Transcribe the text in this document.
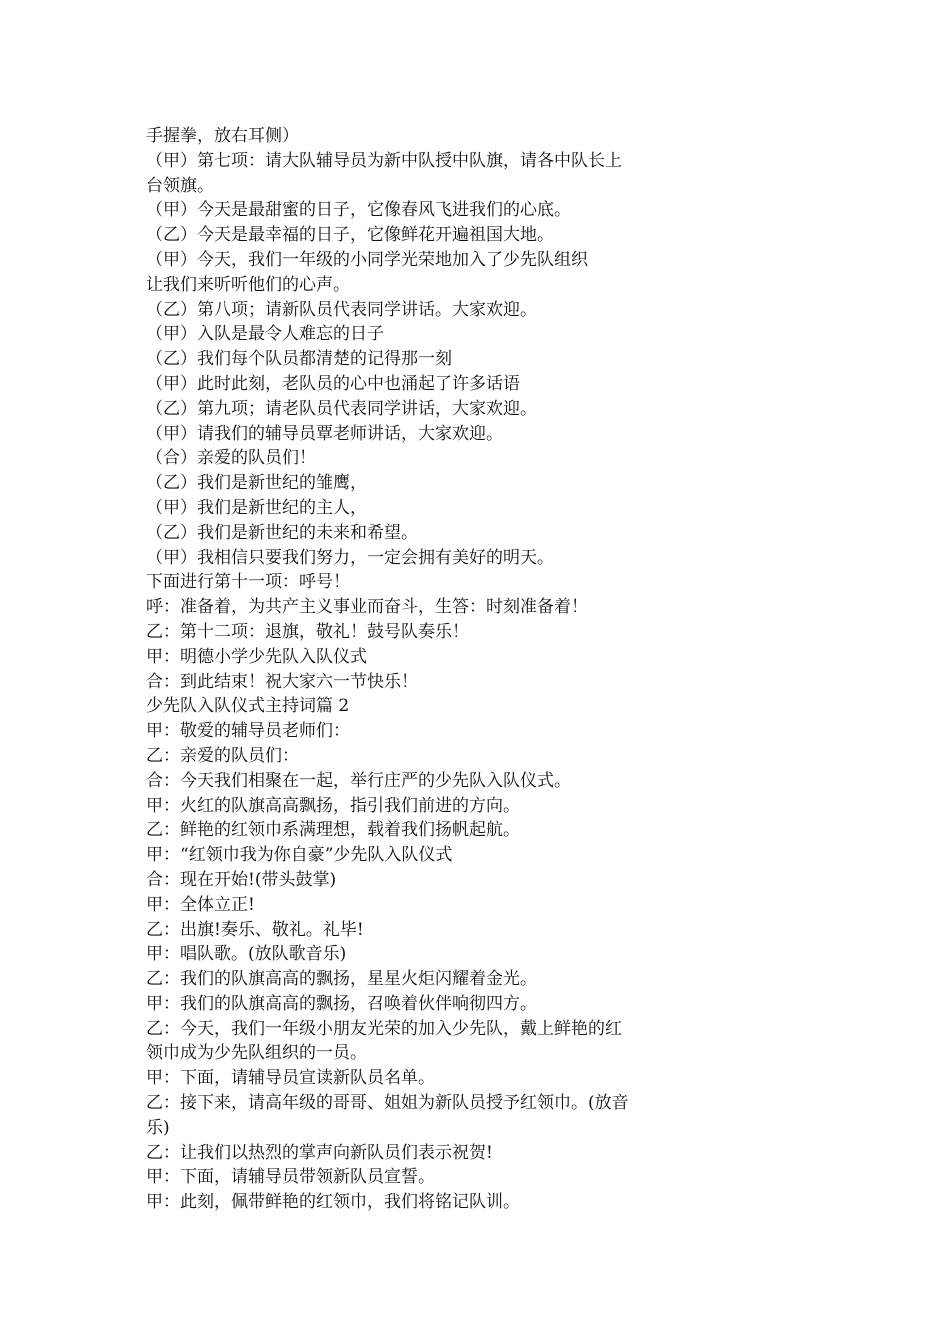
手握拳，放右耳侧）
（甲）第七项：请大队辅导员为新中队授中队旗，请各中队长上
台领旗。
（甲）今天是最甜蜜的日子，它像春风飞进我们的心底。
（乙）今天是最幸福的日子，它像鲜花开遍祖国大地。
（甲）今天，我们一年级的小同学光荣地加入了少先队组织
让我们来听听他们的心声。
（乙）第八项；请新队员代表同学讲话。大家欢迎。
（甲）入队是最令人难忘的日子
（乙）我们每个队员都清楚的记得那一刻
（甲）此时此刻，老队员的心中也涌起了许多话语
（乙）第九项；请老队员代表同学讲话，大家欢迎。
（甲）请我们的辅导员覃老师讲话，大家欢迎。
（合）亲爱的队员们！
（乙）我们是新世纪的雏鹰，
（甲）我们是新世纪的主人，
（乙）我们是新世纪的未来和希望。
（甲）我相信只要我们努力，一定会拥有美好的明天。
下面进行第十一项：呼号！
呼：准备着，为共产主义事业而奋斗，生答：时刻准备着！
乙：第十二项：退旗，敬礼！鼓号队奏乐！
甲：明德小学少先队入队仪式
合：到此结束！祝大家六一节快乐！
少先队入队仪式主持词篇 2
甲：敬爱的辅导员老师们：
乙：亲爱的队员们：
合：今天我们相聚在一起，举行庄严的少先队入队仪式。
甲：火红的队旗高高飘扬，指引我们前进的方向。
乙：鲜艳的红领巾系满理想，载着我们扬帆起航。
甲：“红领巾我为你自豪”少先队入队仪式
合：现在开始!(带头鼓掌)
甲：全体立正!
乙：出旗!奏乐、敬礼。礼毕!
甲：唱队歌。(放队歌音乐)
乙：我们的队旗高高的飘扬，星星火炬闪耀着金光。
甲：我们的队旗高高的飘扬，召唤着伙伴响彻四方。
乙：今天，我们一年级小朋友光荣的加入少先队，戴上鲜艳的红
领巾成为少先队组织的一员。
甲：下面，请辅导员宣读新队员名单。
乙：接下来，请高年级的哥哥、姐姐为新队员授予红领巾。(放音
乐)
乙：让我们以热烈的掌声向新队员们表示祝贺!
甲：下面，请辅导员带领新队员宣誓。
甲：此刻，佩带鲜艳的红领巾，我们将铭记队训。
